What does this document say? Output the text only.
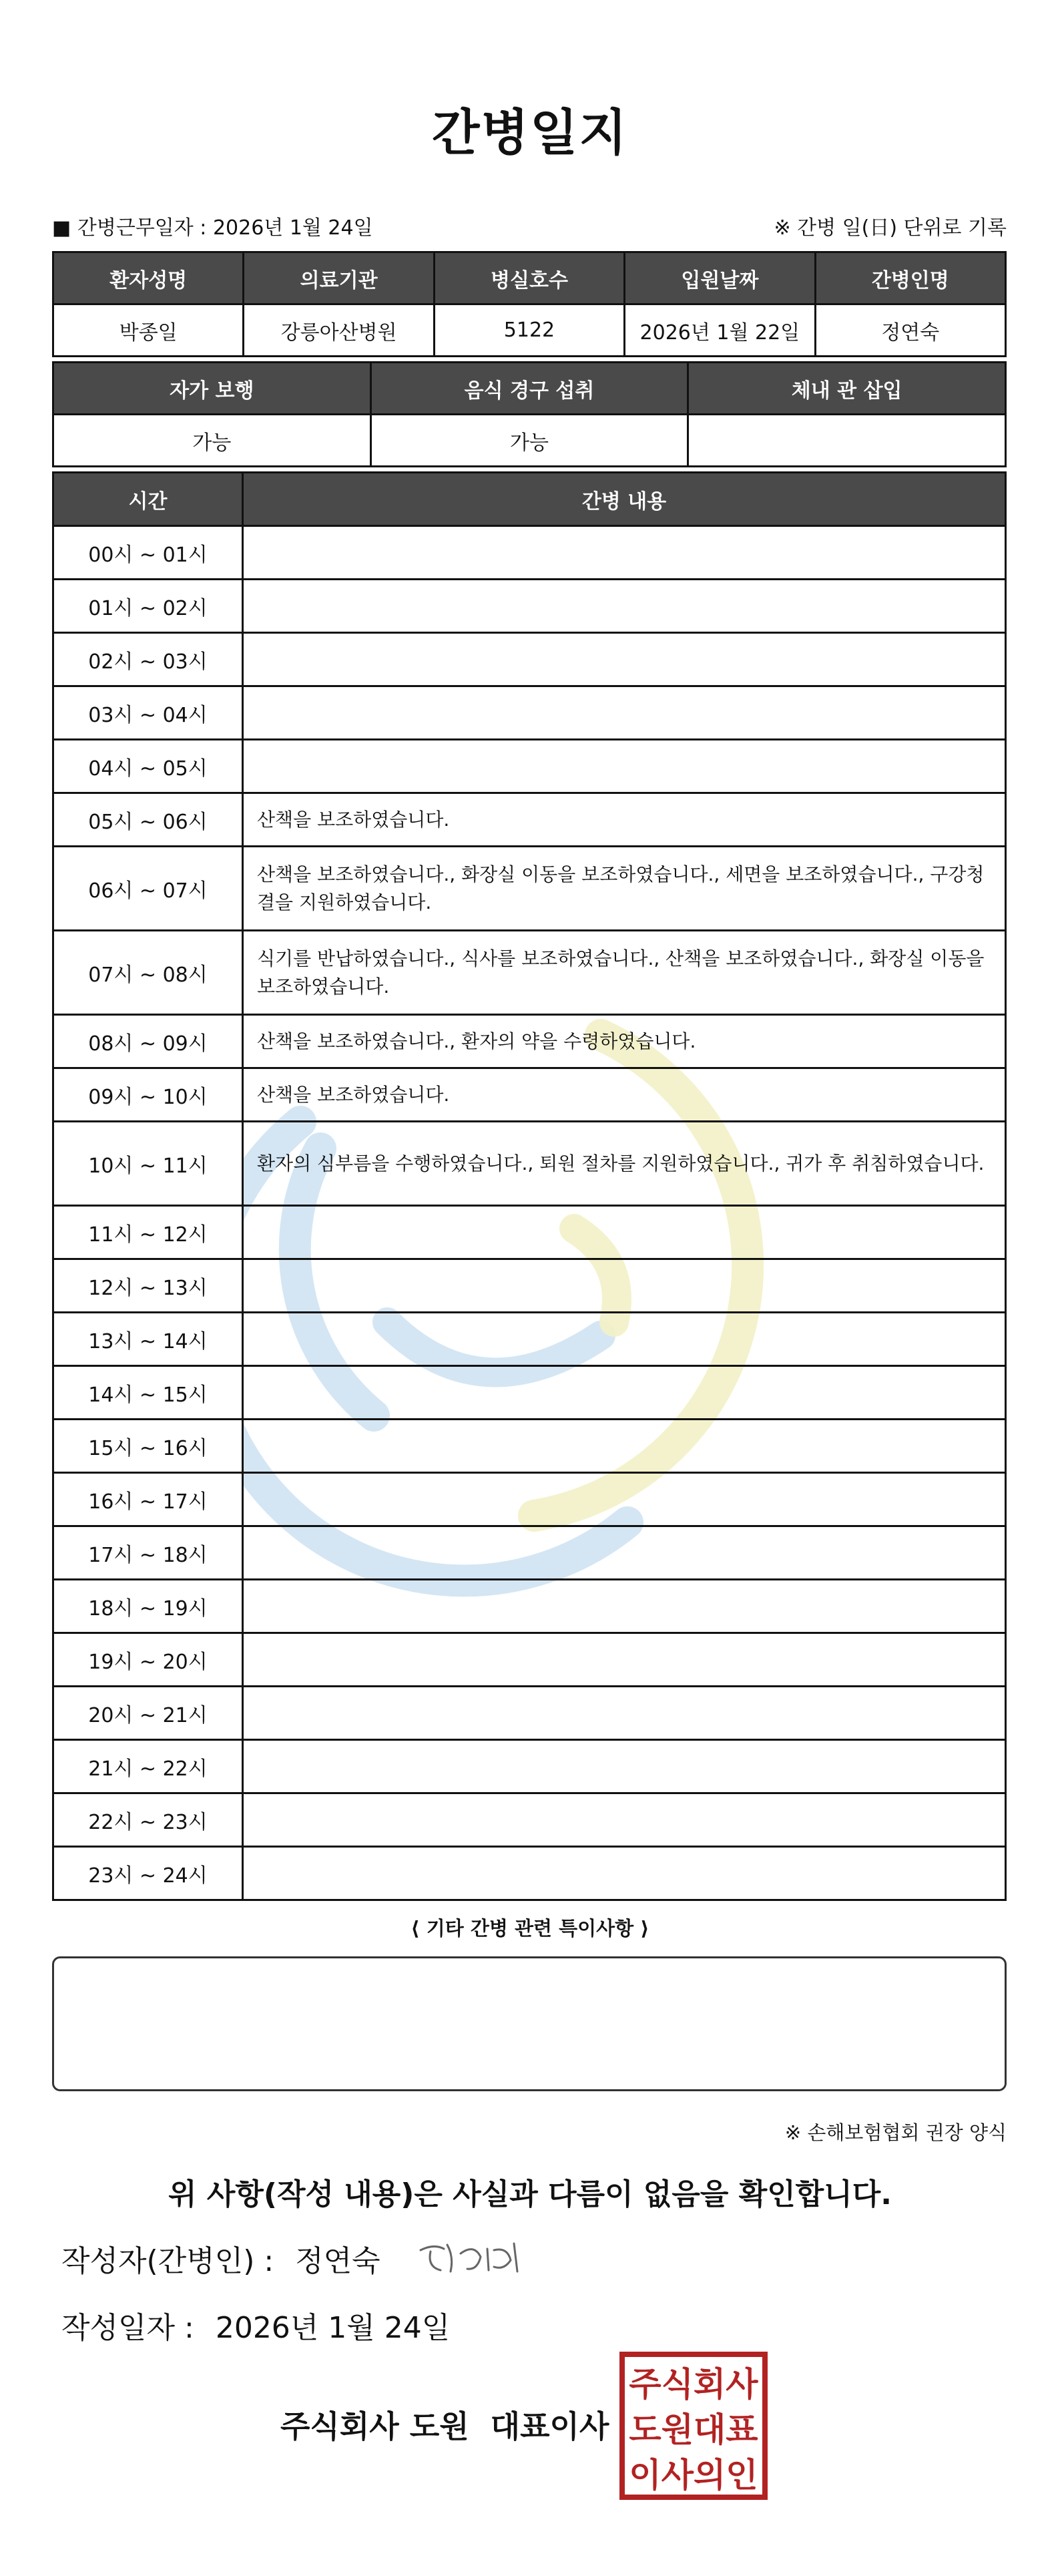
간병일지
■ 간병근무일자 : 2026년 1월 24일	※ 간병 일(日) 단위로 기록
환자성명	의료기관	병실호수	입원날짜	간병인명
박종일	강릉아산병원	5122	2026년 1월 22일	정연숙
자가 보행	음식 경구 섭취	체내 관 삽입
가능	가능	
시간	간병 내용
00시 ~ 01시	
01시 ~ 02시	
02시 ~ 03시	
03시 ~ 04시	
04시 ~ 05시	
05시 ~ 06시	산책을 보조하였습니다.
06시 ~ 07시	산책을 보조하였습니다., 화장실 이동을 보조하였습니다., 세면을 보조하였습니다., 구강청결을 지원하였습니다.
07시 ~ 08시	식기를 반납하였습니다., 식사를 보조하였습니다., 산책을 보조하였습니다., 화장실 이동을 보조하였습니다.
08시 ~ 09시	산책을 보조하였습니다., 환자의 약을 수령하였습니다.
09시 ~ 10시	산책을 보조하였습니다.
10시 ~ 11시	환자의 심부름을 수행하였습니다., 퇴원 절차를 지원하였습니다., 귀가 후 취침하였습니다.
11시 ~ 12시	
12시 ~ 13시	
13시 ~ 14시	
14시 ~ 15시	
15시 ~ 16시	
16시 ~ 17시	
17시 ~ 18시	
18시 ~ 19시	
19시 ~ 20시	
20시 ~ 21시	
21시 ~ 22시	
22시 ~ 23시	
23시 ~ 24시	
⟨ 기타 간병 관련 특이사항 ⟩
※ 손해보험협회 권장 양식
위 사항(작성 내용)은 사실과 다름이 없음을 확인합니다.
작성자(간병인) : 정연숙
작성일자 : 2026년 1월 24일
주식회사 도원  대표이사
주식회사
도원대표
이사의인
